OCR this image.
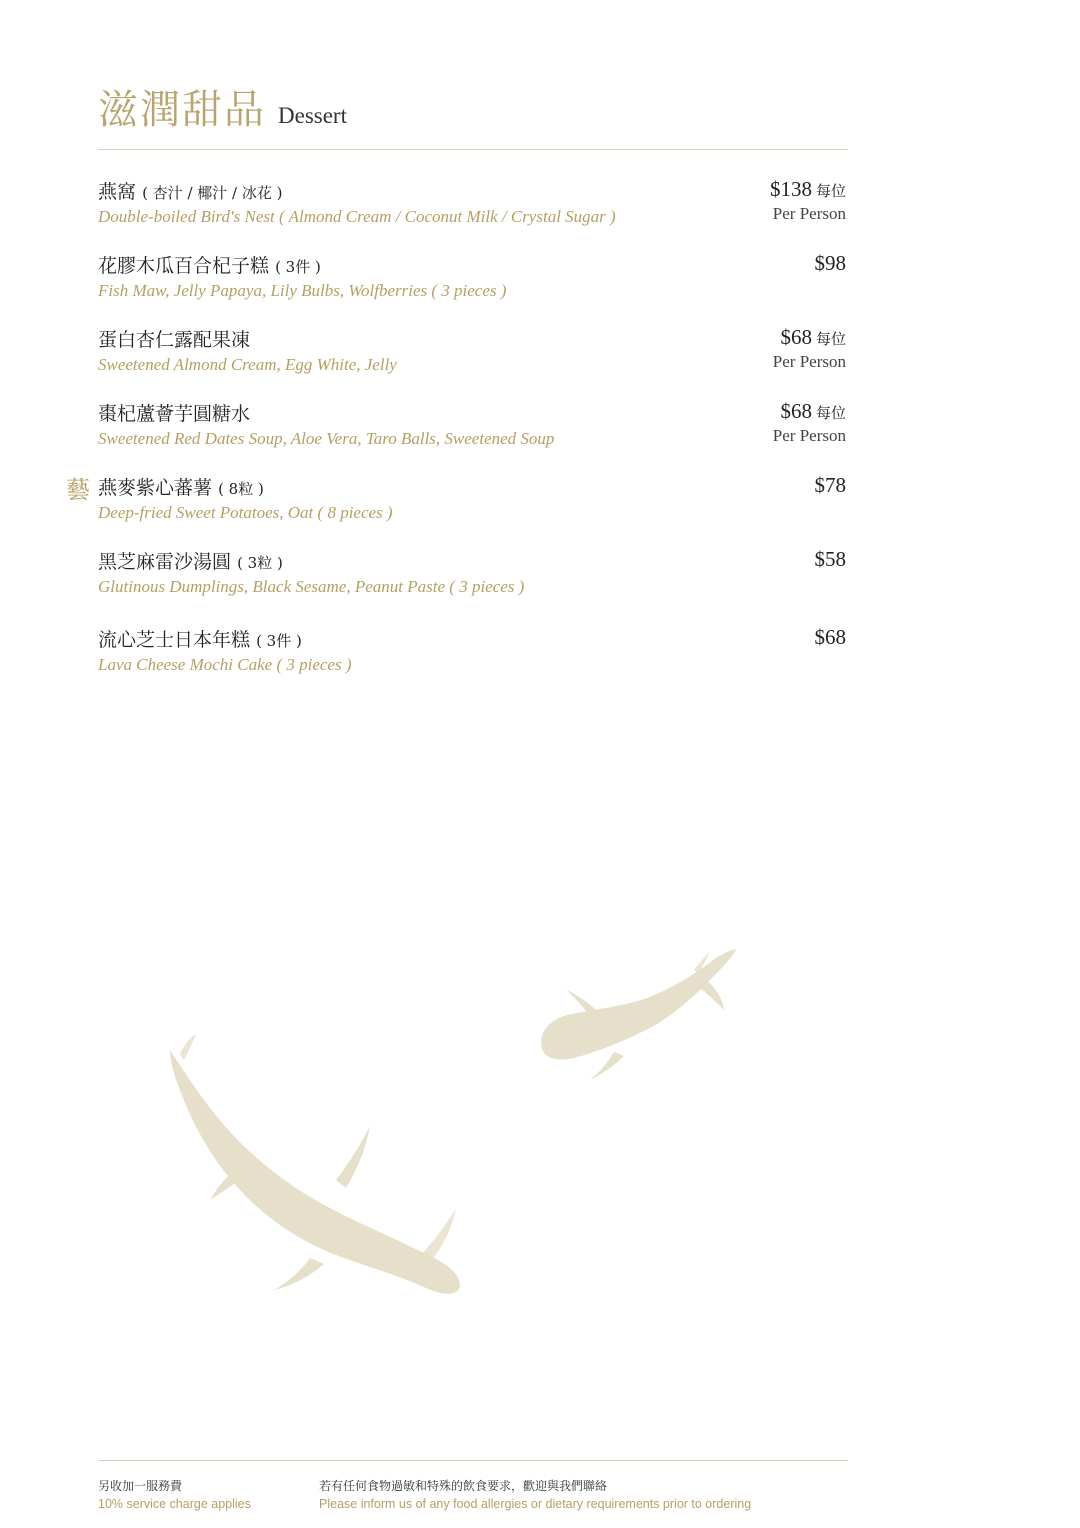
滋潤甜品 Dessert
燕窩 ( 杏汁 / 椰汁 / 冰花 )
Double-boiled Bird's Nest ( Almond Cream / Coconut Milk / Crystal Sugar )
$138 每位
Per Person
花膠木瓜百合杞子糕 ( 3件 )
Fish Maw, Jelly Papaya, Lily Bulbs, Wolfberries ( 3 pieces )
$98
蛋白杏仁露配果凍
Sweetened Almond Cream, Egg White, Jelly
$68 每位
Per Person
棗杞蘆薈芋圓糖水
Sweetened Red Dates Soup, Aloe Vera, Taro Balls, Sweetened Soup
$68 每位
Per Person
藝 燕麥紫心蕃薯 ( 8粒 )
Deep-fried Sweet Potatoes, Oat ( 8 pieces )
$78
黑芝麻雷沙湯圓 ( 3粒 )
Glutinous Dumplings, Black Sesame, Peanut Paste ( 3 pieces )
$58
流心芝士日本年糕 ( 3件 )
Lava Cheese Mochi Cake ( 3 pieces )
$68
另收加一服務費
10% service charge applies
若有任何食物過敏和特殊的飲食要求，歡迎與我們聯絡
Please inform us of any food allergies or dietary requirements prior to ordering
